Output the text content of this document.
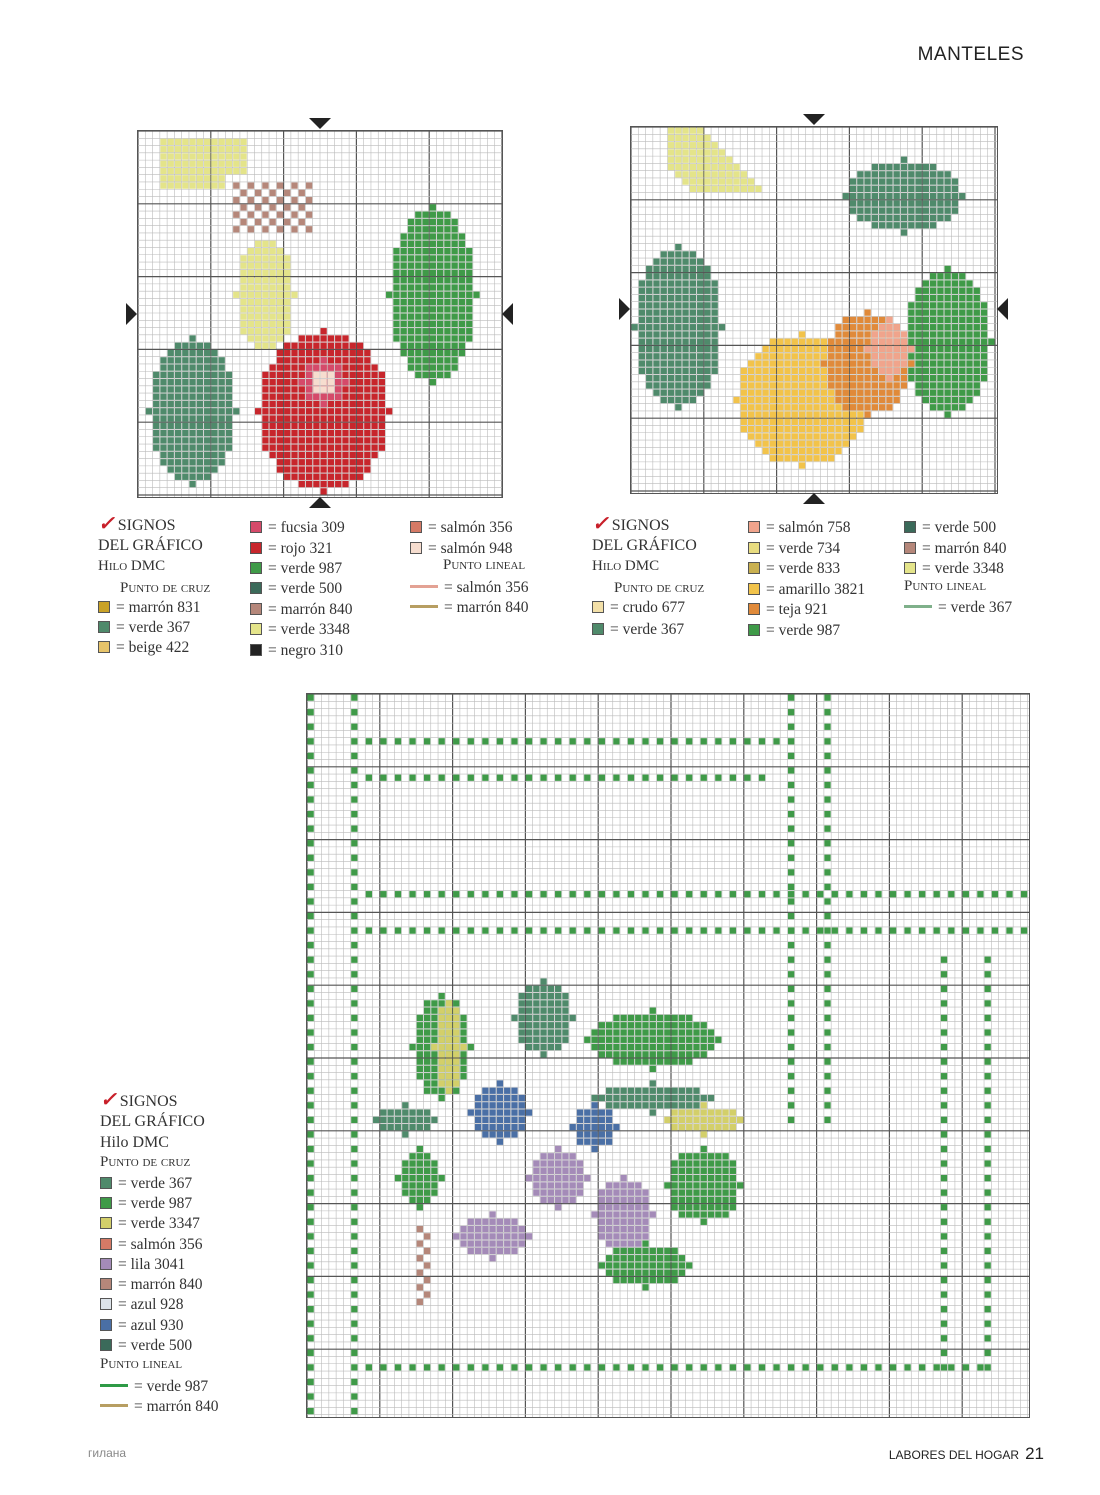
MANTELES
✓ SIGNOS
DEL GRÁFICO
Hilo DMC
Punto de cruz
= marrón 831
= verde 367
= beige 422
= fucsia 309
= rojo 321
= verde 987
= verde 500
= marrón 840
= verde 3348
= negro 310
= salmón 356
= salmón 948
= salmón 356
= marrón 840
Punto lineal
✓ SIGNOS
DEL GRÁFICO
Hilo DMC
Punto de cruz
= crudo 677
= verde 367
= salmón 758
= verde 734
= verde 833
= amarillo 3821
= teja 921
= verde 987
= verde 500
= marrón 840
= verde 3348
= verde 367
Punto lineal
✓ SIGNOS
DEL GRÁFICO
Hilo DMC
Punto de cruz
= verde 367
= verde 987
= verde 3347
= salmón 356
= lila 3041
= marrón 840
= azul 928
= azul 930
= verde 500
= verde 987
= marrón 840
Punto lineal
гилана	LABORES DEL HOGAR 21
